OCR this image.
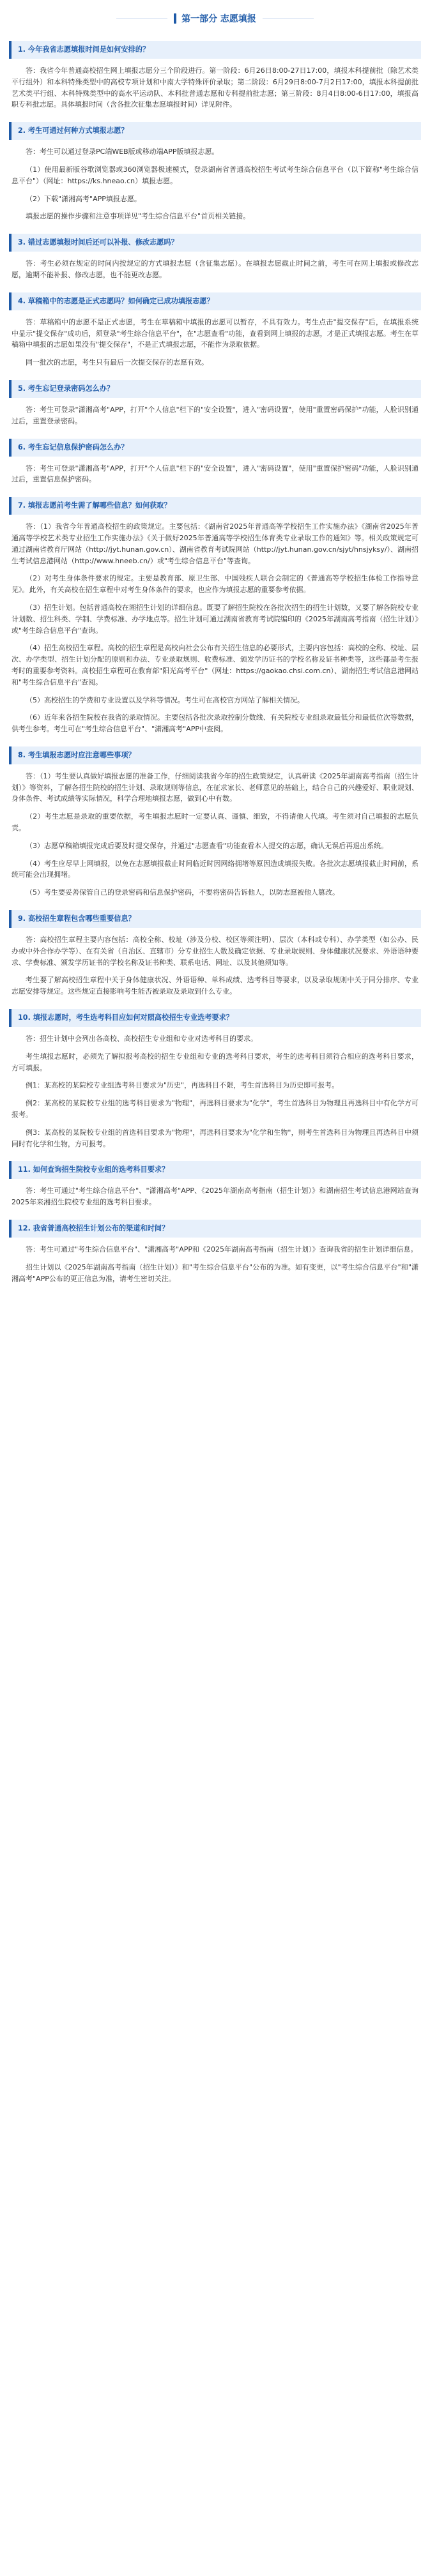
第一部分 志愿填报
1. 今年我省志愿填报时间是如何安排的？
答：我省今年普通高校招生网上填报志愿分三个阶段进行。第一阶段：6月26日8:00-27日17:00，填报本科提前批（除艺术类平行组外）和本科特殊类型中的高校专项计划和中南大学特殊评价录取；第二阶段：6月29日8:00-7月2日17:00，填报本科提前批艺术类平行组、本科特殊类型中的高水平运动队、本科批普通志愿和专科提前批志愿；第三阶段：8月4日8:00-6日17:00，填报高职专科批志愿。具体填报时间（含各批次征集志愿填报时间）详见附件。
2. 考生可通过何种方式填报志愿？
答：考生可以通过登录PC端WEB版或移动端APP版填报志愿。
（1）使用最新版谷歌浏览器或360浏览器极速模式，登录湖南省普通高校招生考试考生综合信息平台（以下简称"考生综合信息平台"）（网址：https://ks.hneao.cn）填报志愿。
（2）下载"潇湘高考"APP填报志愿。
填报志愿的操作步骤和注意事项详见"考生综合信息平台"首页相关链接。
3. 错过志愿填报时间后还可以补报、修改志愿吗？
答：考生必须在规定的时间内按规定的方式填报志愿（含征集志愿）。在填报志愿截止时间之前，考生可在网上填报或修改志愿，逾期不能补报、修改志愿，也不能更改志愿。
4. 草稿箱中的志愿是正式志愿吗？如何确定已成功填报志愿？
答：草稿箱中的志愿不是正式志愿，考生在草稿箱中填报的志愿可以暂存，不具有效力。考生点击"提交保存"后，在填报系统中显示"提交保存"成功后，须登录"考生综合信息平台"，在"志愿查看"功能，查看到网上填报的志愿，才是正式填报志愿。考生在草稿箱中填报的志愿如果没有"提交保存"，不是正式填报志愿，不能作为录取依据。
同一批次的志愿，考生只有最后一次提交保存的志愿有效。
5. 考生忘记登录密码怎么办？
答：考生可登录"潇湘高考"APP，打开"个人信息"栏下的"安全设置"，进入"密码设置"，使用"重置密码保护"功能，人脸识别通过后，重置登录密码。
6. 考生忘记信息保护密码怎么办？
答：考生可登录"潇湘高考"APP，打开"个人信息"栏下的"安全设置"，进入"密码设置"，使用"重置保护密码"功能，人脸识别通过后，重置信息保护密码。
7. 填报志愿前考生需了解哪些信息？如何获取？
答：（1）我省今年普通高校招生的政策规定。主要包括：《湖南省2025年普通高等学校招生工作实施办法》《湖南省2025年普通高等学校艺术类专业招生工作实施办法》《关于做好2025年普通高等学校招生体育类专业录取工作的通知》等。相关政策规定可通过湖南省教育厅网站（http://jyt.hunan.gov.cn）、湖南省教育考试院网站（http://jyt.hunan.gov.cn/sjyt/hnsjyksy/）、湖南招生考试信息港网站（http://www.hneeb.cn/）或"考生综合信息平台"等查询。
（2）对考生身体条件要求的规定。主要是教育部、原卫生部、中国残疾人联合会制定的《普通高等学校招生体检工作指导意见》。此外，有关高校在招生章程中对考生身体条件的要求，也应作为填报志愿的重要参考依据。
（3）招生计划。包括普通高校在湘招生计划的详细信息。既要了解招生院校在各批次招生的招生计划数，又要了解各院校专业计划数、招生科类、学制、学费标准、办学地点等。招生计划可通过湖南省教育考试院编印的《2025年湖南高考指南（招生计划）》或"考生综合信息平台"查询。
（4）招生高校招生章程。高校的招生章程是高校向社会公布有关招生信息的必要形式，主要内容包括：高校的全称、校址、层次、办学类型、招生计划分配的原则和办法、专业录取规则、收费标准、颁发学历证书的学校名称及证书种类等，这些都是考生报考时的重要参考资料。高校招生章程可在教育部"阳光高考平台"（网址：https://gaokao.chsi.com.cn）、湖南招生考试信息港网站和"考生综合信息平台"查阅。
（5）高校招生的学费和专业设置以及学科等情况。考生可在高校官方网站了解相关情况。
（6）近年来各招生院校在我省的录取情况。主要包括各批次录取控制分数线、有关院校专业组录取最低分和最低位次等数据，供考生参考。考生可在"考生综合信息平台"、"潇湘高考"APP中查阅。
8. 考生填报志愿时应注意哪些事项？
答：（1）考生要认真做好填报志愿的准备工作，仔细阅读我省今年的招生政策规定，认真研读《2025年湖南高考指南（招生计划）》等资料，了解各招生院校的招生计划、录取规则等信息，在征求家长、老师意见的基础上，结合自己的兴趣爱好、职业规划、身体条件、考试成绩等实际情况，科学合理地填报志愿，做到心中有数。
（2）考生志愿是录取的重要依据，考生填报志愿时一定要认真、谨慎、细致，不得请他人代填。考生须对自己填报的志愿负责。
（3）志愿草稿箱填报完成后要及时提交保存，并通过"志愿查看"功能查看本人提交的志愿，确认无误后再退出系统。
（4）考生应尽早上网填报，以免在志愿填报截止时间临近时因网络拥堵等原因造成填报失败。各批次志愿填报截止时间前，系统可能会出现拥堵。
（5）考生要妥善保管自己的登录密码和信息保护密码，不要将密码告诉他人，以防志愿被他人篡改。
9. 高校招生章程包含哪些重要信息？
答：高校招生章程主要内容包括：高校全称、校址（涉及分校、校区等须注明）、层次（本科或专科）、办学类型（如公办、民办或中外合作办学等）、在有关省（自治区、直辖市）分专业招生人数及确定依据、专业录取规则、身体健康状况要求、外语语种要求、学费标准、颁发学历证书的学校名称及证书种类、联系电话、网址、以及其他须知等。
考生要了解高校招生章程中关于身体健康状况、外语语种、单科成绩、选考科目等要求，以及录取规则中关于同分排序、专业志愿安排等规定。这些规定直接影响考生能否被录取及录取到什么专业。
10. 填报志愿时，考生选考科目应如何对照高校招生专业选考要求？
答：招生计划中会列出各高校、高校招生专业组和专业对选考科目的要求。
考生填报志愿时，必须先了解拟报考高校的招生专业组和专业的选考科目要求，考生的选考科目须符合相应的选考科目要求，方可填报。
例1：某高校的某院校专业组选考科目要求为"历史"，再选科目不限，考生首选科目为历史即可报考。
例2：某高校的某院校专业组的选考科目要求为"物理"，再选科目要求为"化学"，考生首选科目为物理且再选科目中有化学方可报考。
例3：某高校的某院校专业组的首选科目要求为"物理"，再选科目要求为"化学和生物"，则考生首选科目为物理且再选科目中须同时有化学和生物，方可报考。
11. 如何查询招生院校专业组的选考科目要求？
答：考生可通过"考生综合信息平台"、"潇湘高考"APP、《2025年湖南高考指南（招生计划）》和湖南招生考试信息港网站查询2025年来湘招生院校专业组的选考科目要求。
12. 我省普通高校招生计划公布的渠道和时间？
答：考生可通过"考生综合信息平台"、"潇湘高考"APP和《2025年湖南高考指南（招生计划）》查询我省的招生计划详细信息。
招生计划以《2025年湖南高考指南（招生计划）》和"考生综合信息平台"公布的为准。如有变更，以"考生综合信息平台"和"潇湘高考"APP公布的更正信息为准，请考生密切关注。
